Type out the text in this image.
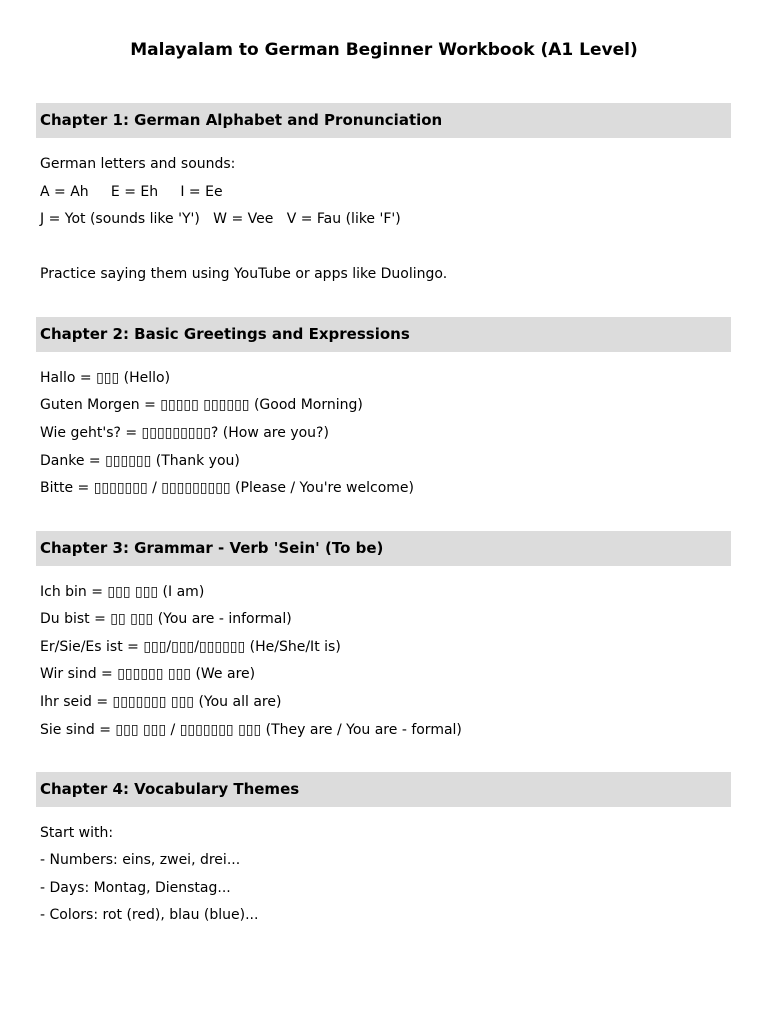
Malayalam to German Beginner Workbook (A1 Level)
Chapter 1: German Alphabet and Pronunciation
German letters and sounds:
A = Ah     E = Eh     I = Ee
J = Yot (sounds like 'Y')   W = Vee   V = Fau (like 'F')
Practice saying them using YouTube or apps like Duolingo.
Chapter 2: Basic Greetings and Expressions
Hallo = ▯▯▯ (Hello)
Guten Morgen = ▯▯▯▯▯ ▯▯▯▯▯▯ (Good Morning)
Wie geht's? = ▯▯▯▯▯▯▯▯▯? (How are you?)
Danke = ▯▯▯▯▯▯ (Thank you)
Bitte = ▯▯▯▯▯▯▯ / ▯▯▯▯▯▯▯▯▯ (Please / You're welcome)
Chapter 3: Grammar - Verb 'Sein' (To be)
Ich bin = ▯▯▯ ▯▯▯ (I am)
Du bist = ▯▯ ▯▯▯ (You are - informal)
Er/Sie/Es ist = ▯▯▯/▯▯▯/▯▯▯▯▯▯ (He/She/It is)
Wir sind = ▯▯▯▯▯▯ ▯▯▯ (We are)
Ihr seid = ▯▯▯▯▯▯▯ ▯▯▯ (You all are)
Sie sind = ▯▯▯ ▯▯▯ / ▯▯▯▯▯▯▯ ▯▯▯ (They are / You are - formal)
Chapter 4: Vocabulary Themes
Start with:
- Numbers: eins, zwei, drei...
- Days: Montag, Dienstag...
- Colors: rot (red), blau (blue)...
